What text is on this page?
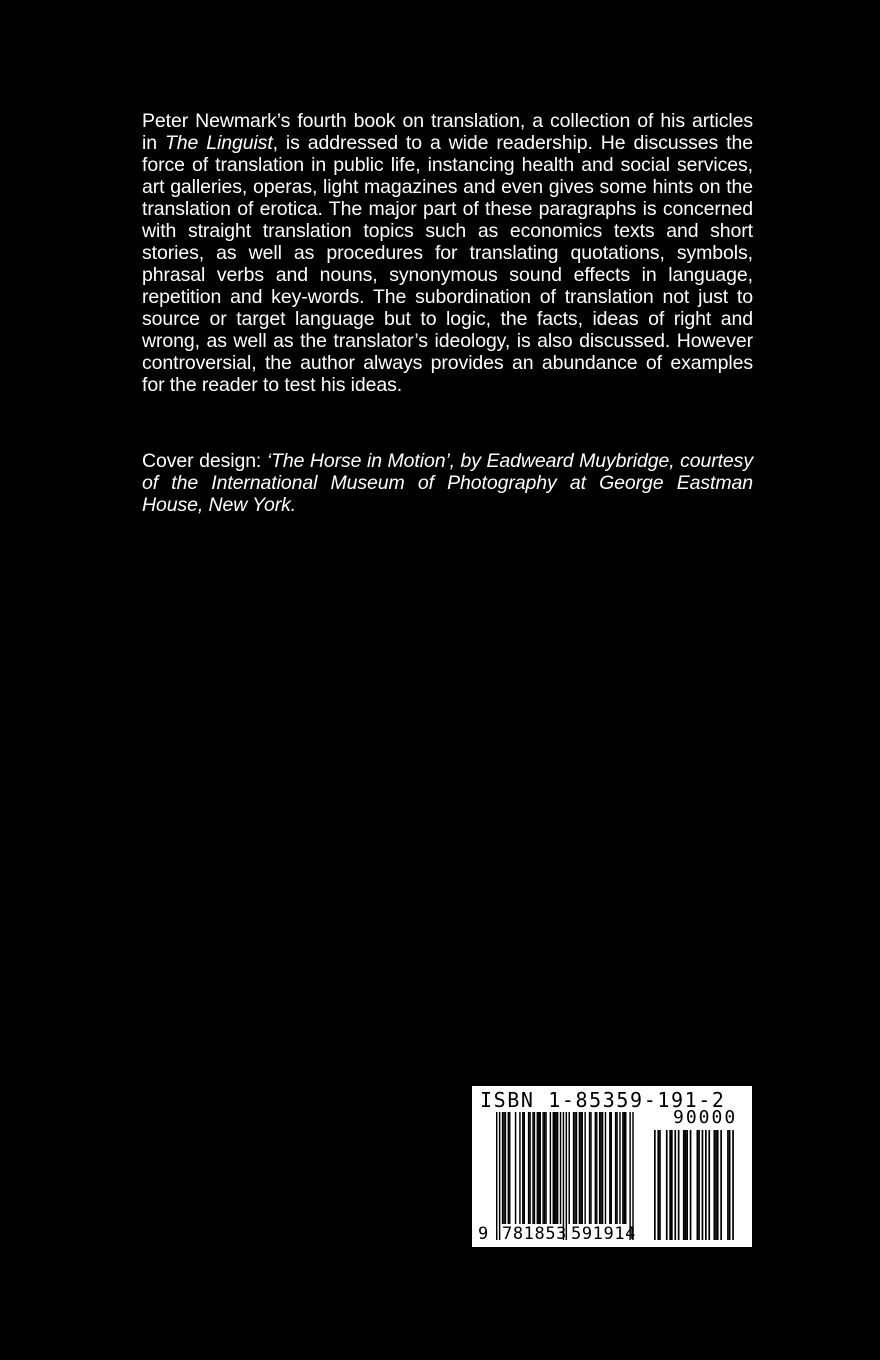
Peter Newmark’s fourth book on translation, a collection of his articles in The Linguist, is addressed to a wide readership. He discusses the force of translation in public life, instancing health and social services, art galleries, operas, light magazines and even gives some hints on the translation of erotica. The major part of these paragraphs is concerned with straight translation topics such as economics texts and short stories, as well as procedures for translating quotations, symbols, phrasal verbs and nouns, synonymous sound effects in language, repetition and key-words. The subordination of translation not just to source or target language but to logic, the facts, ideas of right and wrong, as well as the translator’s ideology, is also discussed. However controversial, the author always provides an abundance of examples for the reader to test his ideas.

Cover design: ‘The Horse in Motion’, by Eadweard Muybridge, courtesy of the International Museum of Photography at George Eastman House, New York.

ISBN 1-85359-191-2
90000
9 781853 591914
